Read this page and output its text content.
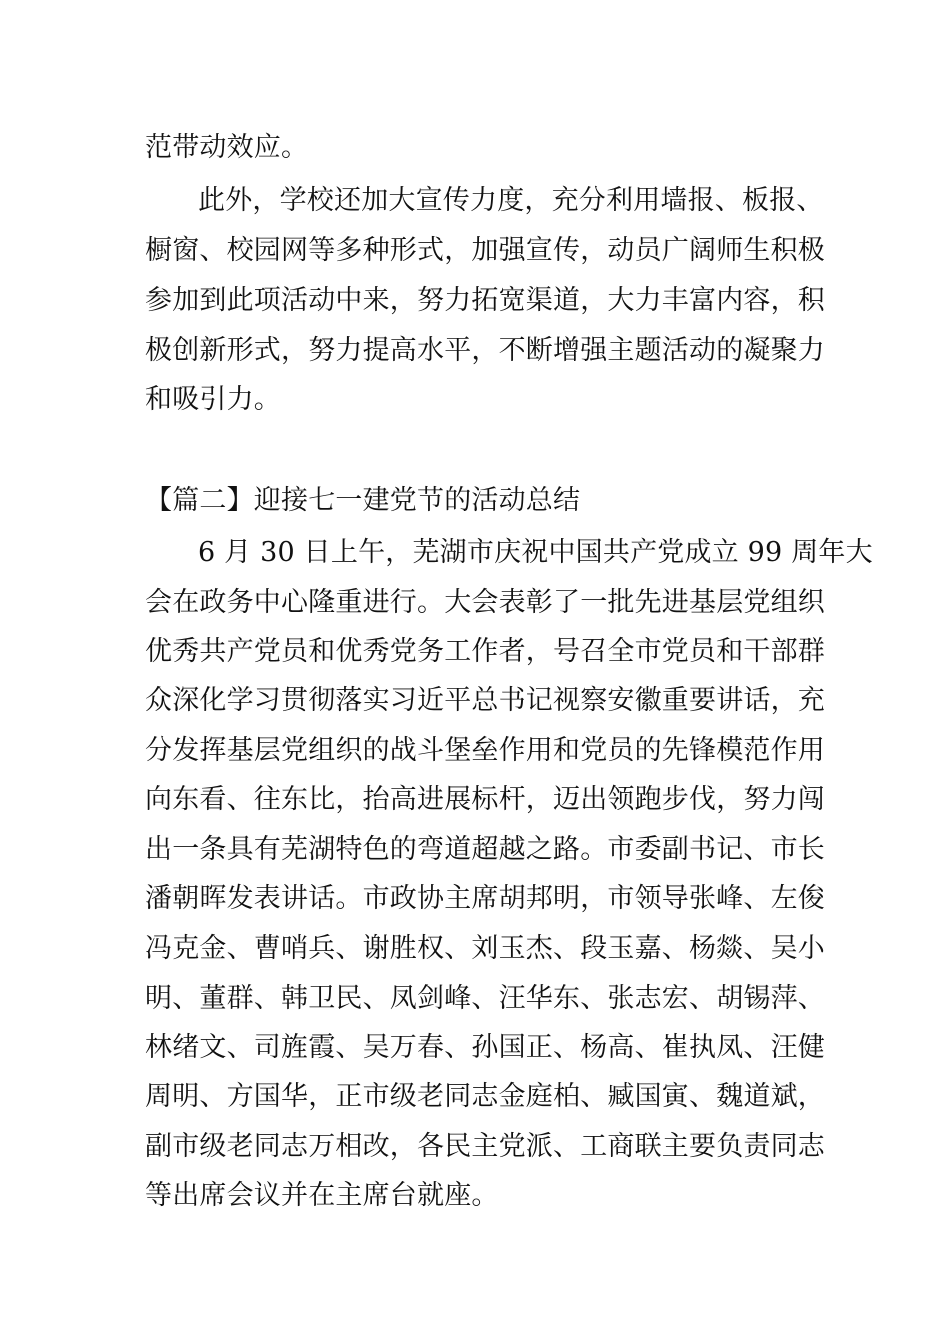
范带动效应。
此外，学校还加大宣传力度，充分利用墙报、板报、
橱窗、校园网等多种形式，加强宣传，动员广阔师生积极
参加到此项活动中来，努力拓宽渠道，大力丰富内容，积
极创新形式，努力提高水平，不断增强主题活动的凝聚力
和吸引力。
【篇二】迎接七一建党节的活动总结
6 月 30 日上午，芜湖市庆祝中国共产党成立 99 周年大
会在政务中心隆重进行。大会表彰了一批先进基层党组织
优秀共产党员和优秀党务工作者，号召全市党员和干部群
众深化学习贯彻落实习近平总书记视察安徽重要讲话，充
分发挥基层党组织的战斗堡垒作用和党员的先锋模范作用
向东看、往东比，抬高进展标杆，迈出领跑步伐，努力闯
出一条具有芜湖特色的弯道超越之路。市委副书记、市长
潘朝晖发表讲话。市政协主席胡邦明，市领导张峰、左俊
冯克金、曹哨兵、谢胜权、刘玉杰、段玉嘉、杨燚、吴小
明、董群、韩卫民、凤剑峰、汪华东、张志宏、胡锡萍、
林绪文、司旌霞、吴万春、孙国正、杨高、崔执凤、汪健
周明、方国华，正市级老同志金庭柏、臧国寅、魏道斌，
副市级老同志万相改，各民主党派、工商联主要负责同志
等出席会议并在主席台就座。
